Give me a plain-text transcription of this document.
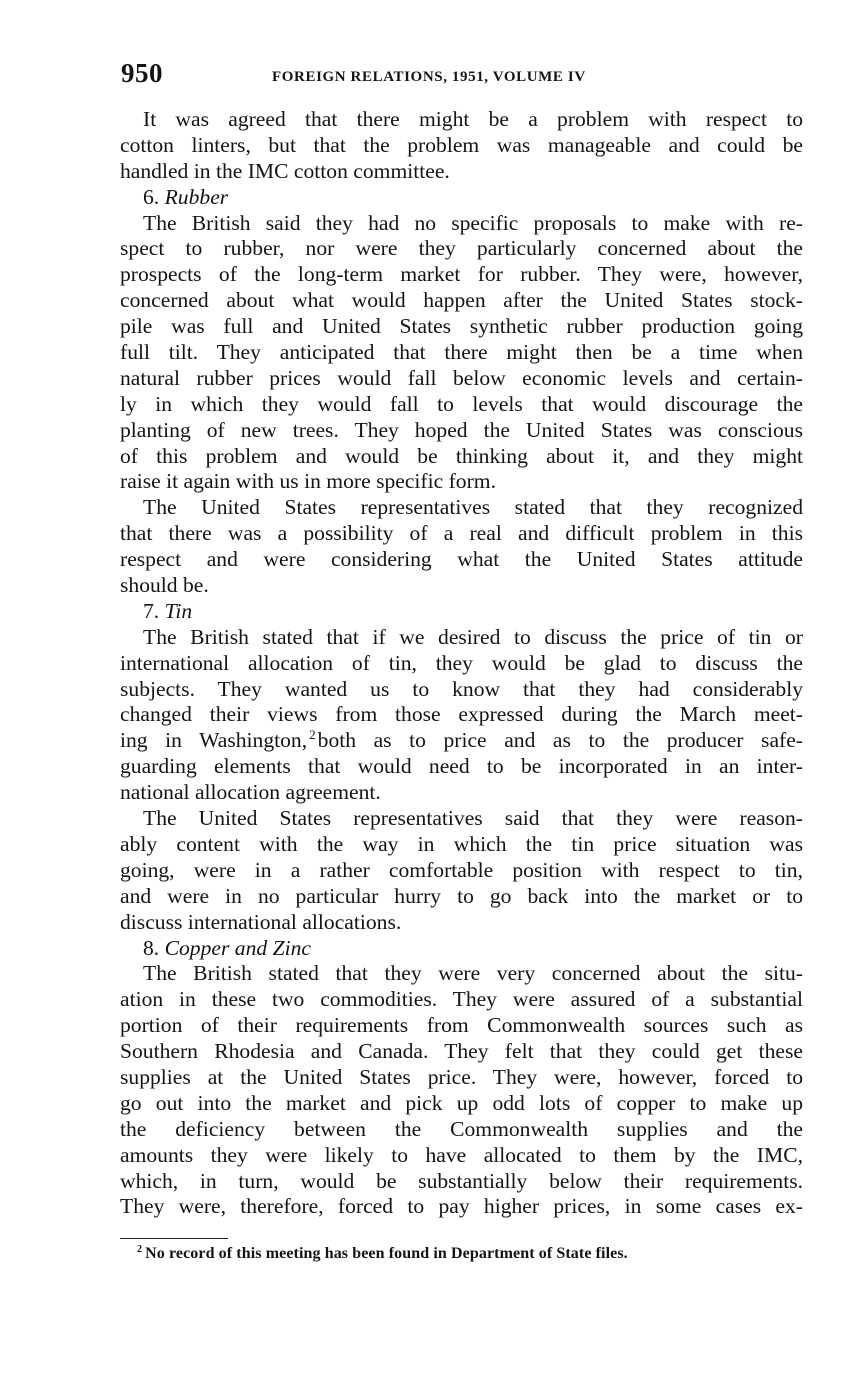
950	FOREIGN RELATIONS, 1951, VOLUME IV
It was agreed that there might be a problem with respect to
cotton linters, but that the problem was manageable and could be
handled in the IMC cotton committee.
6. Rubber
The British said they had no specific proposals to make with re-
spect to rubber, nor were they particularly concerned about the
prospects of the long-term market for rubber. They were, however,
concerned about what would happen after the United States stock-
pile was full and United States synthetic rubber production going
full tilt. They anticipated that there might then be a time when
natural rubber prices would fall below economic levels and certain-
ly in which they would fall to levels that would discourage the
planting of new trees. They hoped the United States was conscious
of this problem and would be thinking about it, and they might
raise it again with us in more specific form.
The United States representatives stated that they recognized
that there was a possibility of a real and difficult problem in this
respect and were considering what the United States attitude
should be.
7. Tin
The British stated that if we desired to discuss the price of tin or
international allocation of tin, they would be glad to discuss the
subjects. They wanted us to know that they had considerably
changed their views from those expressed during the March meet-
ing in Washington, $^2$both as to price and as to the producer safe-
guarding elements that would need to be incorporated in an inter-
national allocation agreement.
The United States representatives said that they were reason-
ably content with the way in which the tin price situation was
going, were in a rather comfortable position with respect to tin,
and were in no particular hurry to go back into the market or to
discuss international allocations.
8. Copper and Zinc
The British stated that they were very concerned about the situ-
ation in these two commodities. They were assured of a substantial
portion of their requirements from Commonwealth sources such as
Southern Rhodesia and Canada. They felt that they could get these
supplies at the United States price. They were, however, forced to
go out into the market and pick up odd lots of copper to make up
the deficiency between the Commonwealth supplies and the
amounts they were likely to have allocated to them by the IMC,
which, in turn, would be substantially below their requirements.
They were, therefore, forced to pay higher prices, in some cases ex-
$^2$ No record of this meeting has been found in Department of State files.
